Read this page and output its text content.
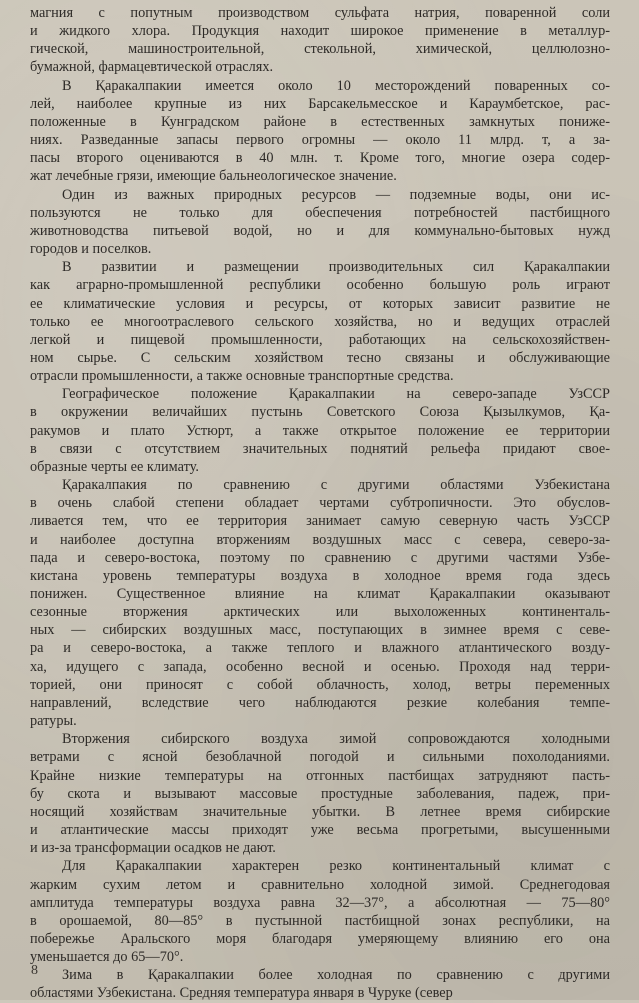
магния с попутным производством сульфата натрия, поваренной соли
и жидкого хлора. Продукция находит широкое применение в металлур-
гической, машиностроительной, стекольной, химической, целлюлозно-
бумажной, фармацевтической отраслях.
В Қаракалпакии имеется около 10 месторождений поваренных со-
лей, наиболее крупные из них Барсакельмесское и Караумбетское, рас-
положенные в Кунградском районе в естественных замкнутых пониже-
ниях. Разведанные запасы первого огромны — около 11 млрд. т, а за-
пасы второго оцениваются в 40 млн. т. Кроме того, многие озера содер-
жат лечебные грязи, имеющие бальнеологическое значение.
Один из важных природных ресурсов — подземные воды, они ис-
пользуются не только для обеспечения потребностей пастбищного
животноводства питьевой водой, но и для коммунально-бытовых нужд
городов и поселков.
В развитии и размещении производительных сил Қаракалпакии
как аграрно-промышленной республики особенно большую роль играют
ее климатические условия и ресурсы, от которых зависит развитие не
только ее многоотраслевого сельского хозяйства, но и ведущих отраслей
легкой и пищевой промышленности, работающих на сельскохозяйствен-
ном сырье. С сельским хозяйством тесно связаны и обслуживающие
отрасли промышленности, а также основные транспортные средства.
Географическое положение Қаракалпакии на северо-западе УзССР
в окружении величайших пустынь Советского Союза Қызылкумов, Қа-
ракумов и плато Устюрт, а также открытое положение ее территории
в связи с отсутствием значительных поднятий рельефа придают свое-
образные черты ее климату.
Қаракалпакия по сравнению с другими областями Узбекистана
в очень слабой степени обладает чертами субтропичности. Это обуслов-
ливается тем, что ее территория занимает самую северную часть УзССР
и наиболее доступна вторжениям воздушных масс с севера, северо-за-
пада и северо-востока, поэтому по сравнению с другими частями Узбе-
кистана уровень температуры воздуха в холодное время года здесь
понижен. Существенное влияние на климат Қаракалпакии оказывают
сезонные вторжения арктических или выхоложенных континенталь-
ных — сибирских воздушных масс, поступающих в зимнее время с севе-
ра и северо-востока, а также теплого и влажного атлантического возду-
ха, идущего с запада, особенно весной и осенью. Проходя над терри-
торией, они приносят с собой облачность, холод, ветры переменных
направлений, вследствие чего наблюдаются резкие колебания темпе-
ратуры.
Вторжения сибирского воздуха зимой сопровождаются холодными
ветрами с ясной безоблачной погодой и сильными похолоданиями.
Крайне низкие температуры на отгонных пастбищах затрудняют пасть-
бу скота и вызывают массовые простудные заболевания, падеж, при-
носящий хозяйствам значительные убытки. В летнее время сибирские
и атлантические массы приходят уже весьма прогретыми, высушенными
и из-за трансформации осадков не дают.
Для Қаракалпакии характерен резко континентальный климат с
жарким сухим летом и сравнительно холодной зимой. Среднегодовая
амплитуда температуры воздуха равна 32—37°, а абсолютная — 75—80°
в орошаемой, 80—85° в пустынной пастбищной зонах республики, на
побережье Аральского моря благодаря умеряющему влиянию его она
уменьшается до 65—70°.
Зима в Қаракалпакии более холодная по сравнению с другими
областями Узбекистана. Средняя температура января в Чуруке (север
8
